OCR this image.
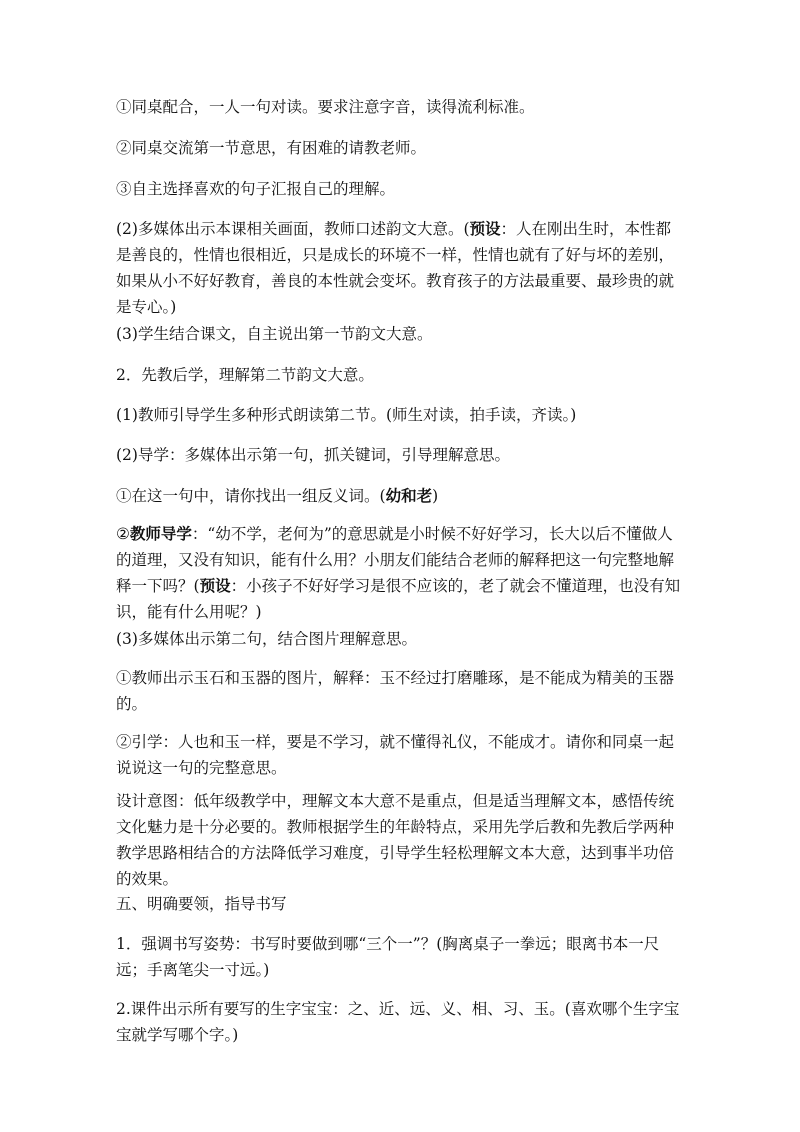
①同桌配合，一人一句对读。要求注意字音，读得流利标准。

②同桌交流第一节意思，有困难的请教老师。

③自主选择喜欢的句子汇报自己的理解。

(2)多媒体出示本课相关画面，教师口述韵文大意。(预设：人在刚出生时，本性都是善良的，性情也很相近，只是成长的环境不一样，性情也就有了好与坏的差别，如果从小不好好教育，善良的本性就会变坏。教育孩子的方法最重要、最珍贵的就是专心。)

(3)学生结合课文，自主说出第一节韵文大意。

2．先教后学，理解第二节韵文大意。

(1)教师引导学生多种形式朗读第二节。(师生对读，拍手读，齐读。)

(2)导学：多媒体出示第一句，抓关键词，引导理解意思。

①在这一句中，请你找出一组反义词。(幼和老)

②教师导学：“幼不学，老何为”的意思就是小时候不好好学习，长大以后不懂做人的道理，又没有知识，能有什么用？小朋友们能结合老师的解释把这一句完整地解释一下吗？(预设：小孩子不好好学习是很不应该的，老了就会不懂道理，也没有知识，能有什么用呢？)

(3)多媒体出示第二句，结合图片理解意思。

①教师出示玉石和玉器的图片，解释：玉不经过打磨雕琢，是不能成为精美的玉器的。

②引学：人也和玉一样，要是不学习，就不懂得礼仪，不能成才。请你和同桌一起说说这一句的完整意思。

设计意图：低年级教学中，理解文本大意不是重点，但是适当理解文本，感悟传统文化魅力是十分必要的。教师根据学生的年龄特点，采用先学后教和先教后学两种教学思路相结合的方法降低学习难度，引导学生轻松理解文本大意，达到事半功倍的效果。

五、明确要领，指导书写

1．强调书写姿势：书写时要做到哪“三个一”？(胸离桌子一拳远；眼离书本一尺远；手离笔尖一寸远。)

2.课件出示所有要写的生字宝宝：之、近、远、义、相、习、玉。(喜欢哪个生字宝宝就学写哪个字。)
